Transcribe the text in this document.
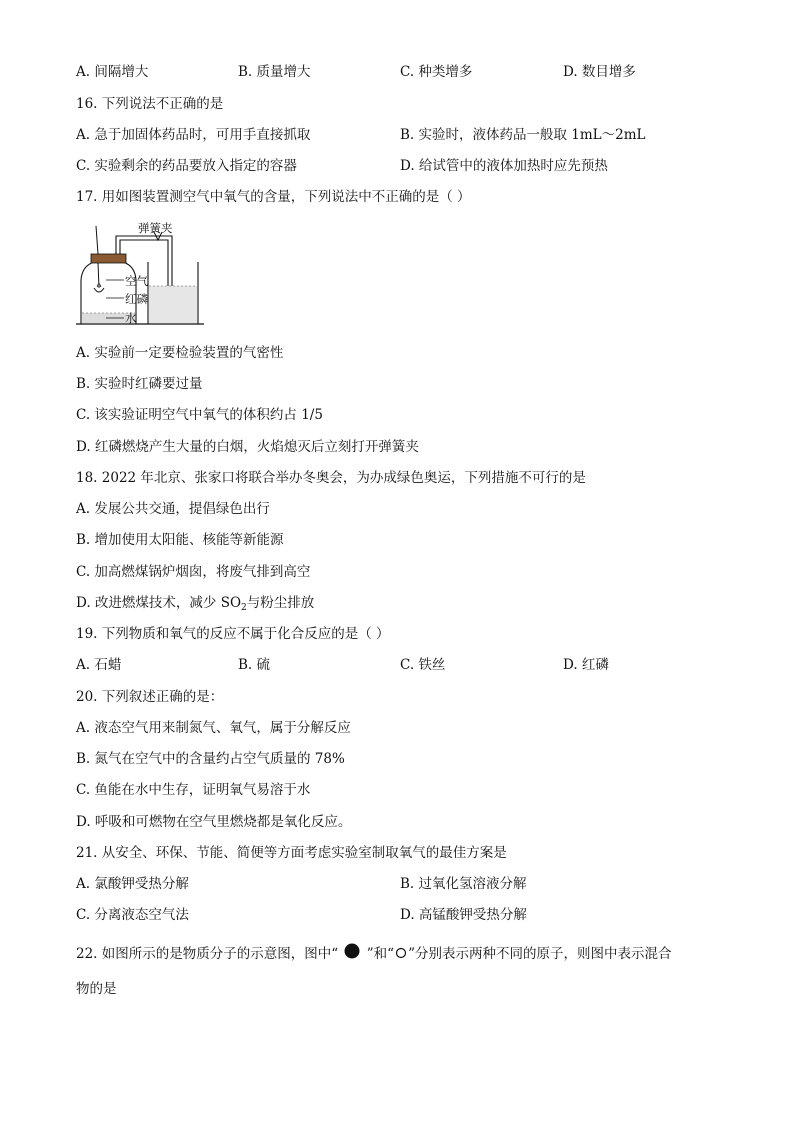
A. 间隔增大	B. 质量增大	C. 种类增多	D. 数目增多
16. 下列说法不正确的是
A. 急于加固体药品时，可用手直接抓取	B. 实验时，液体药品一般取 1mL～2mL
C. 实验剩余的药品要放入指定的容器	D. 给试管中的液体加热时应先预热
17. 用如图装置测空气中氧气的含量，下列说法中不正确的是（ ）
弹簧夹
空气
红磷
水
A. 实验前一定要检验装置的气密性
B. 实验时红磷要过量
C. 该实验证明空气中氧气的体积约占 1/5
D. 红磷燃烧产生大量的白烟，火焰熄灭后立刻打开弹簧夹
18. 2022 年北京、张家口将联合举办冬奥会，为办成绿色奥运，下列措施不可行的是
A. 发展公共交通，提倡绿色出行
B. 增加使用太阳能、核能等新能源
C. 加高燃煤锅炉烟囱，将废气排到高空
D. 改进燃煤技术，减少 $SO_2$与粉尘排放
19. 下列物质和氧气的反应不属于化合反应的是（ ）
A. 石蜡	B. 硫	C. 铁丝	D. 红磷
20. 下列叙述正确的是：
A. 液态空气用来制氮气、氧气，属于分解反应
B. 氮气在空气中的含量约占空气质量的 78%
C. 鱼能在水中生存，证明氧气易溶于水
D. 呼吸和可燃物在空气里燃烧都是氧化反应。
21. 从安全、环保、节能、简便等方面考虑实验室制取氧气的最佳方案是
A. 氯酸钾受热分解	B. 过氧化氢溶液分解
C. 分离液态空气法	D. 高锰酸钾受热分解
22. 如图所示的是物质分子的示意图，图中“ ”和“ ”分别表示两种不同的原子，则图中表示混合
物的是
